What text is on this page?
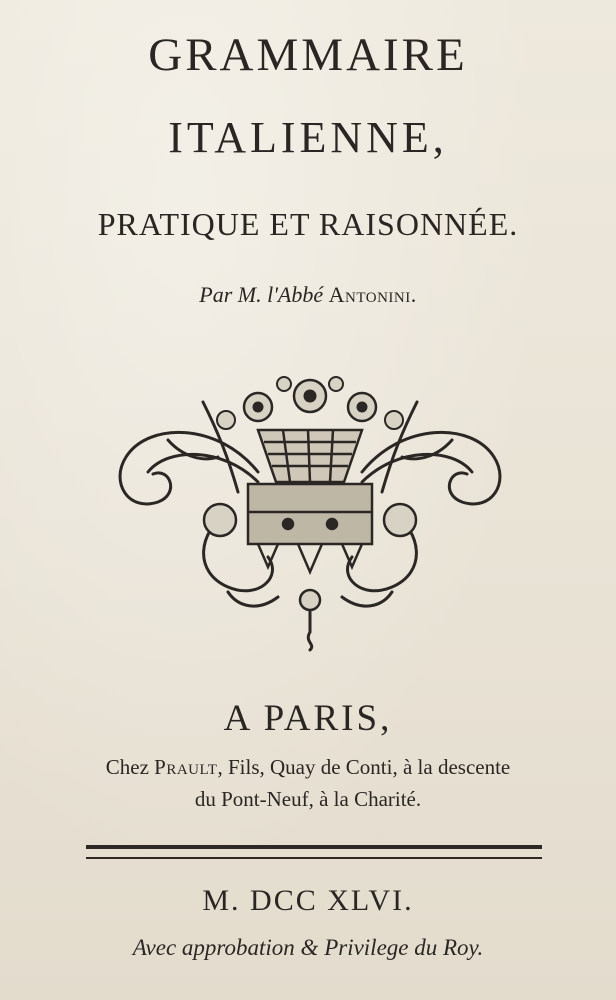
GRAMMAIRE
ITALIENNE,
PRATIQUE ET RAISONNÉE.
Par M. l'Abbé Antonini.
A PARIS,
Chez Prault, Fils, Quay de Conti, à la descente
du Pont-Neuf, à la Charité.
M. DCC XLVI.
Avec approbation & Privilege du Roy.
